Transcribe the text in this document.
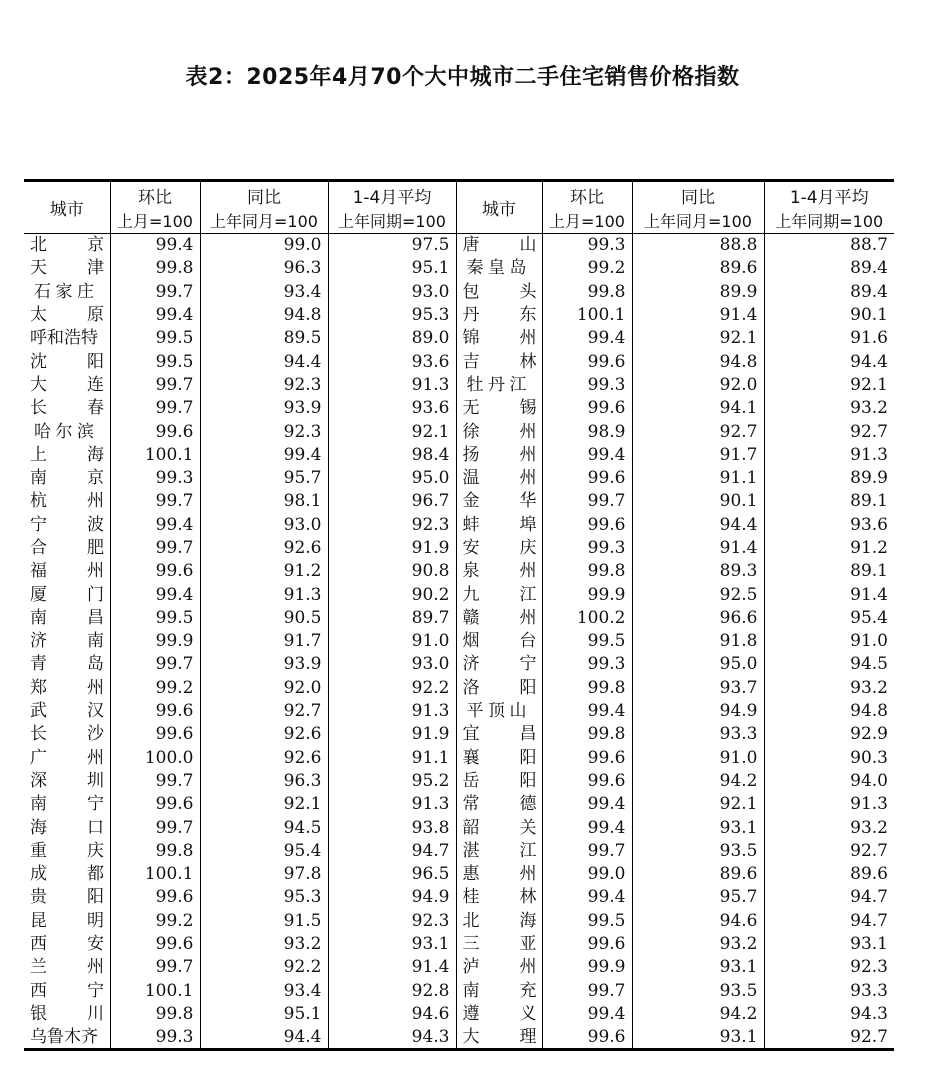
表2：2025年4月70个大中城市二手住宅销售价格指数
城市	环比	同比	1-4月平均	城市	环比	同比	1-4月平均
	上月=100	上年同月=100	上年同期=100		上月=100	上年同月=100	上年同期=100

北 京	99.4	99.0	97.5	唐 山	99.3	88.8	88.7

天 津	99.8	96.3	95.1	秦 皇 岛	99.2	89.6	89.4

石 家 庄	99.7	93.4	93.0	包 头	99.8	89.9	89.4

太 原	99.4	94.8	95.3	丹 东	100.1	91.4	90.1

呼 和 浩 特	99.5	89.5	89.0	锦 州	99.4	92.1	91.6

沈 阳	99.5	94.4	93.6	吉 林	99.6	94.8	94.4

大 连	99.7	92.3	91.3	牡 丹 江	99.3	92.0	92.1

长 春	99.7	93.9	93.6	无 锡	99.6	94.1	93.2

哈 尔 滨	99.6	92.3	92.1	徐 州	98.9	92.7	92.7

上 海	100.1	99.4	98.4	扬 州	99.4	91.7	91.3

南 京	99.3	95.7	95.0	温 州	99.6	91.1	89.9

杭 州	99.7	98.1	96.7	金 华	99.7	90.1	89.1

宁 波	99.4	93.0	92.3	蚌 埠	99.6	94.4	93.6

合 肥	99.7	92.6	91.9	安 庆	99.3	91.4	91.2

福 州	99.6	91.2	90.8	泉 州	99.8	89.3	89.1

厦 门	99.4	91.3	90.2	九 江	99.9	92.5	91.4

南 昌	99.5	90.5	89.7	赣 州	100.2	96.6	95.4

济 南	99.9	91.7	91.0	烟 台	99.5	91.8	91.0

青 岛	99.7	93.9	93.0	济 宁	99.3	95.0	94.5

郑 州	99.2	92.0	92.2	洛 阳	99.8	93.7	93.2

武 汉	99.6	92.7	91.3	平 顶 山	99.4	94.9	94.8

长 沙	99.6	92.6	91.9	宜 昌	99.8	93.3	92.9

广 州	100.0	92.6	91.1	襄 阳	99.6	91.0	90.3

深 圳	99.7	96.3	95.2	岳 阳	99.6	94.2	94.0

南 宁	99.6	92.1	91.3	常 德	99.4	92.1	91.3

海 口	99.7	94.5	93.8	韶 关	99.4	93.1	93.2

重 庆	99.8	95.4	94.7	湛 江	99.7	93.5	92.7

成 都	100.1	97.8	96.5	惠 州	99.0	89.6	89.6

贵 阳	99.6	95.3	94.9	桂 林	99.4	95.7	94.7

昆 明	99.2	91.5	92.3	北 海	99.5	94.6	94.7

西 安	99.6	93.2	93.1	三 亚	99.6	93.2	93.1

兰 州	99.7	92.2	91.4	泸 州	99.9	93.1	92.3

西 宁	100.1	93.4	92.8	南 充	99.7	93.5	93.3

银 川	99.8	95.1	94.6	遵 义	99.4	94.2	94.3

乌 鲁 木 齐	99.3	94.4	94.3	大 理	99.6	93.1	92.7
